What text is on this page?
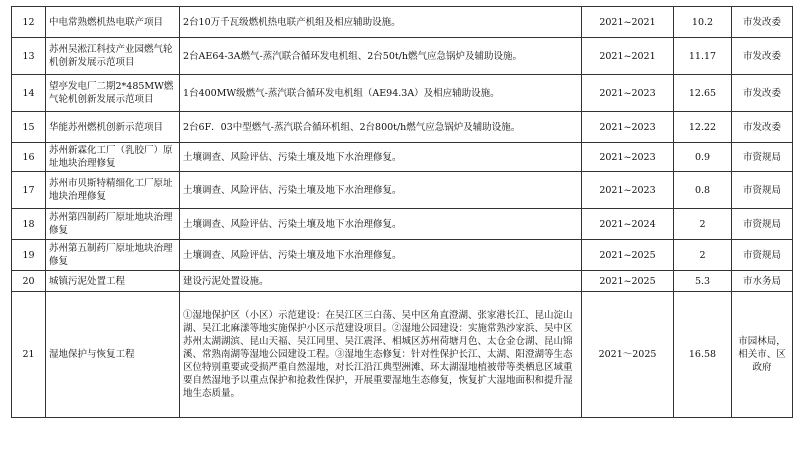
12	中电常熟燃机热电联产项目	2台10万千瓦级燃机热电联产机组及相应辅助设施。	2021~2021	10.2	市发改委
13	苏州吴淞江科技产业园燃气轮机创新发展示范项目	2台AE64-3A燃气-蒸汽联合循环发电机组、2台50t/h燃气应急锅炉及辅助设施。	2021~2021	11.17	市发改委
14	望亭发电厂二期2*485MW燃气轮机创新发展示范项目	1台400MW级燃气-蒸汽联合循环发电机组（AE94.3A）及相应辅助设施。	2021~2023	12.65	市发改委
15	华能苏州燃机创新示范项目	2台6F．03中型燃气-蒸汽联合循环机组、2台800t/h燃气应急锅炉及辅助设施。	2021~2023	12.22	市发改委
16	苏州新霖化工厂（乳胶厂）原址地块治理修复	土壤调查、风险评估、污染土壤及地下水治理修复。	2021~2023	0.9	市资规局
17	苏州市贝斯特精细化工厂原址地块治理修复	土壤调查、风险评估、污染土壤及地下水治理修复。	2021~2023	0.8	市资规局
18	苏州第四制药厂原址地块治理修复	土壤调查、风险评估、污染土壤及地下水治理修复。	2021~2024	2	市资规局
19	苏州第五制药厂原址地块治理修复	土壤调查、风险评估、污染土壤及地下水治理修复。	2021~2025	2	市资规局
20	城镇污泥处置工程	建设污泥处置设施。	2021~2025	5.3	市水务局
21	湿地保护与恢复工程	①湿地保护区（小区）示范建设：在吴江区三白荡、吴中区角直澄湖、张家港长江、昆山淀山湖、吴江北麻漾等地实施保护小区示范建设项目。②湿地公园建设：实施常熟沙家浜、吴中区苏州太湖湖滨、昆山天福、吴江同里、吴江震泽、相城区苏州荷塘月色、太仓金仓湖、昆山锦溪、常熟南湖等湿地公园建设工程。③湿地生态修复：针对性保护长江、太湖、阳澄湖等生态区位特别重要或受损严重自然湿地，对长江沿江典型洲滩、环太湖湿地植被带等类栖息区域重要自然湿地予以重点保护和抢救性保护，开展重要湿地生态修复，恢复扩大湿地面积和提升湿地生态质量。	2021～2025	16.58	市园林局，相关市、区政府
